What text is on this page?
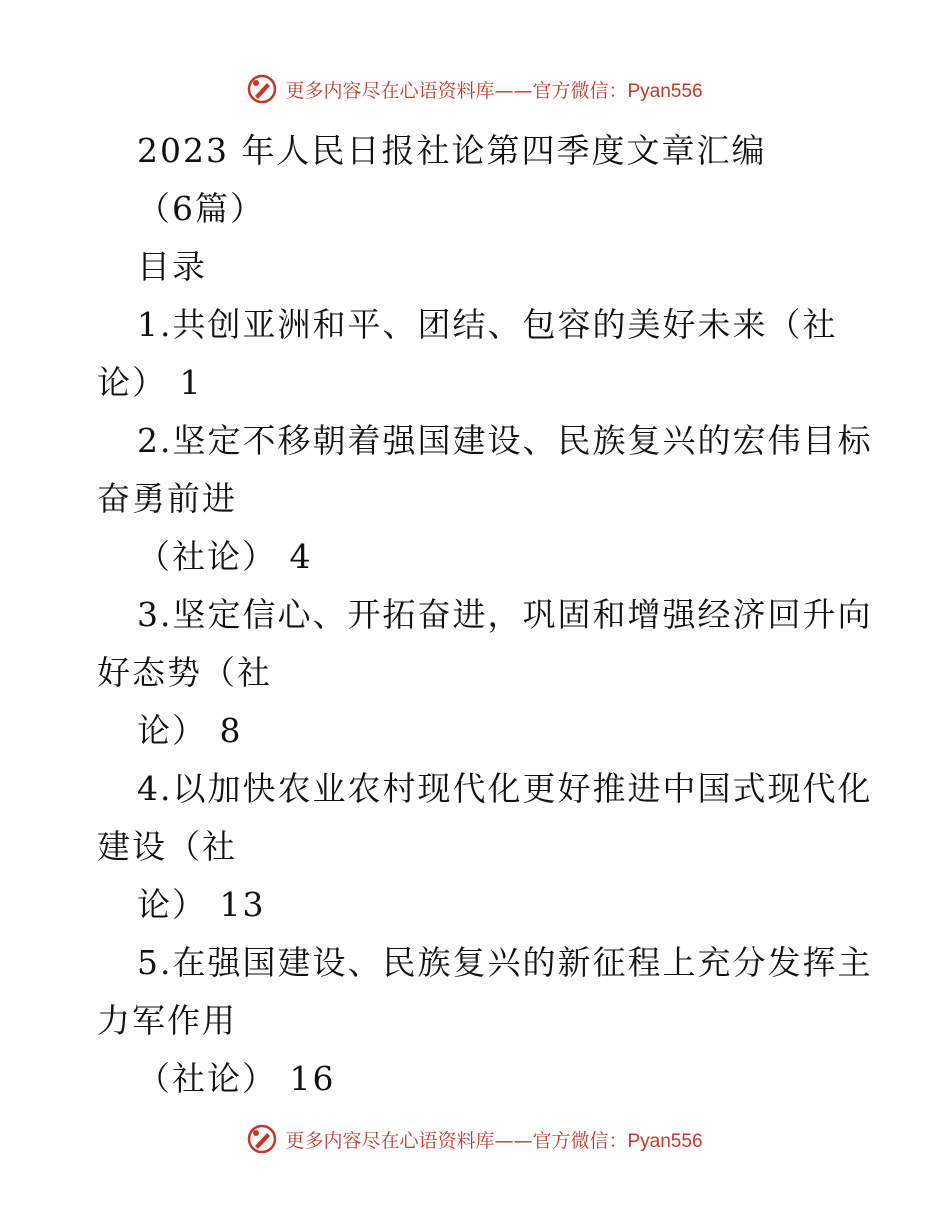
更多内容尽在心语资料库——官方微信：Pyan556
2023 年人民日报社论第四季度文章汇编
（6篇）
目录
1.共创亚洲和平、团结、包容的美好未来（社
论） 1
2.坚定不移朝着强国建设、民族复兴的宏伟目标
奋勇前进
（社论） 4
3.坚定信心、开拓奋进，巩固和增强经济回升向
好态势（社
论） 8
4.以加快农业农村现代化更好推进中国式现代化
建设（社
论） 13
5.在强国建设、民族复兴的新征程上充分发挥主
力军作用
（社论） 16
更多内容尽在心语资料库——官方微信：Pyan556
